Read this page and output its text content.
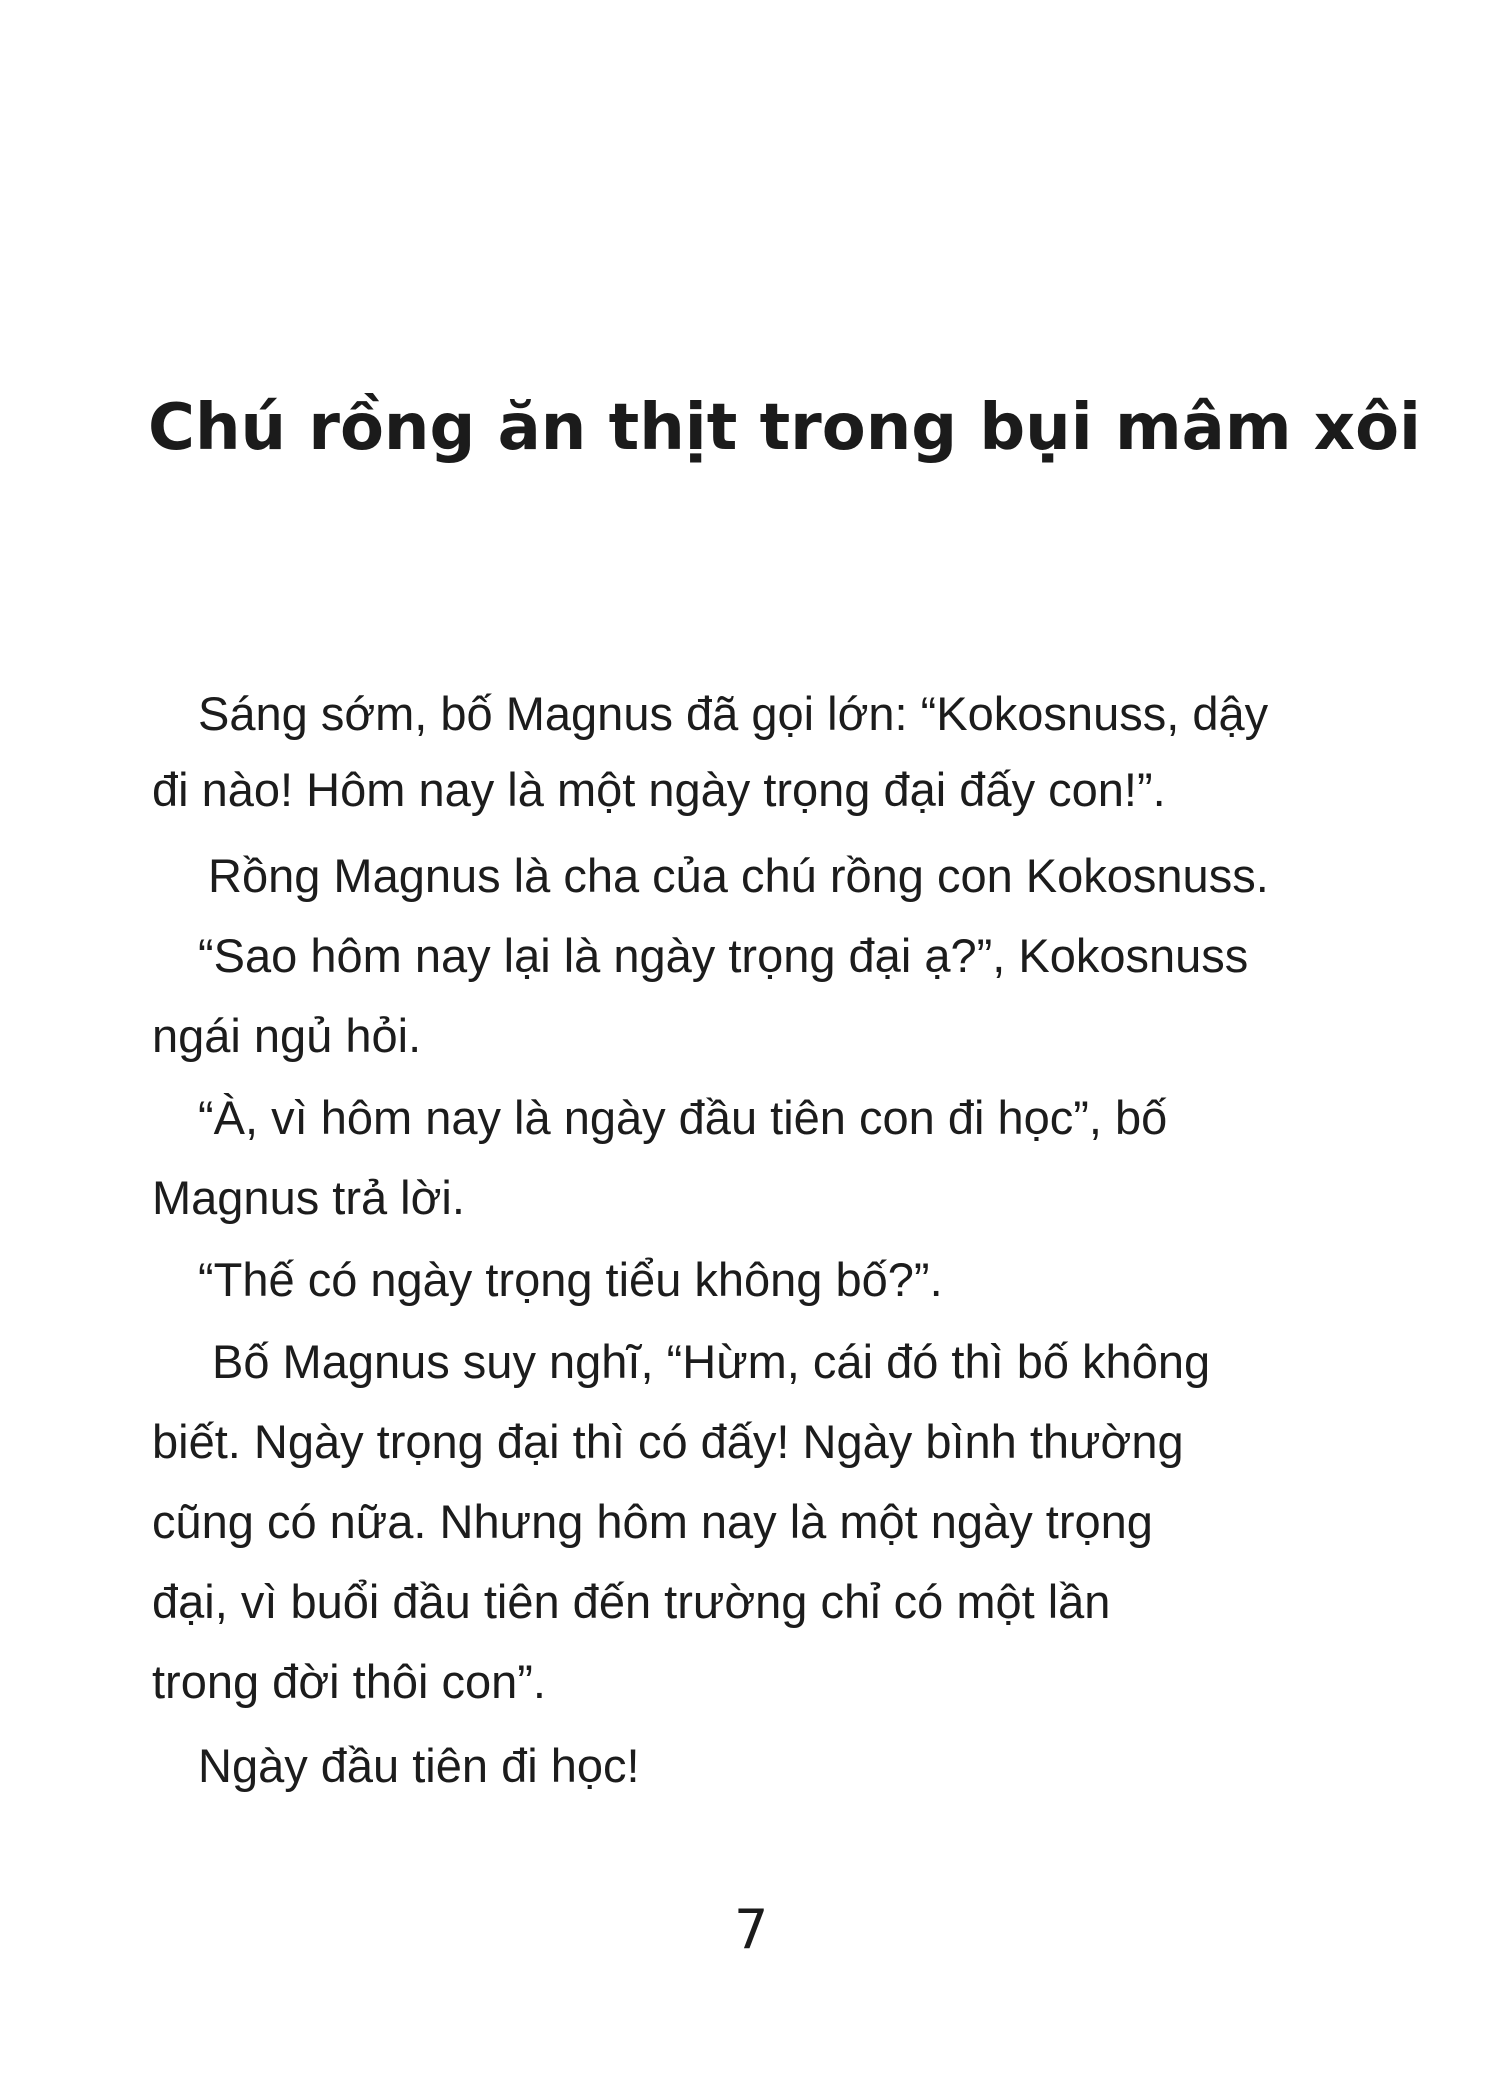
Chú rồng ăn thịt trong bụi mâm xôi

Sáng sớm, bố Magnus đã gọi lớn: “Kokosnuss, dậy

đi nào! Hôm nay là một ngày trọng đại đấy con!”.

Rồng Magnus là cha của chú rồng con Kokosnuss.

“Sao hôm nay lại là ngày trọng đại ạ?”, Kokosnuss

ngái ngủ hỏi.

“À, vì hôm nay là ngày đầu tiên con đi học”, bố

Magnus trả lời.

“Thế có ngày trọng tiểu không bố?”.

Bố Magnus suy nghĩ, “Hừm, cái đó thì bố không

biết. Ngày trọng đại thì có đấy! Ngày bình thường

cũng có nữa. Nhưng hôm nay là một ngày trọng

đại, vì buổi đầu tiên đến trường chỉ có một lần

trong đời thôi con”.

Ngày đầu tiên đi học!

7
